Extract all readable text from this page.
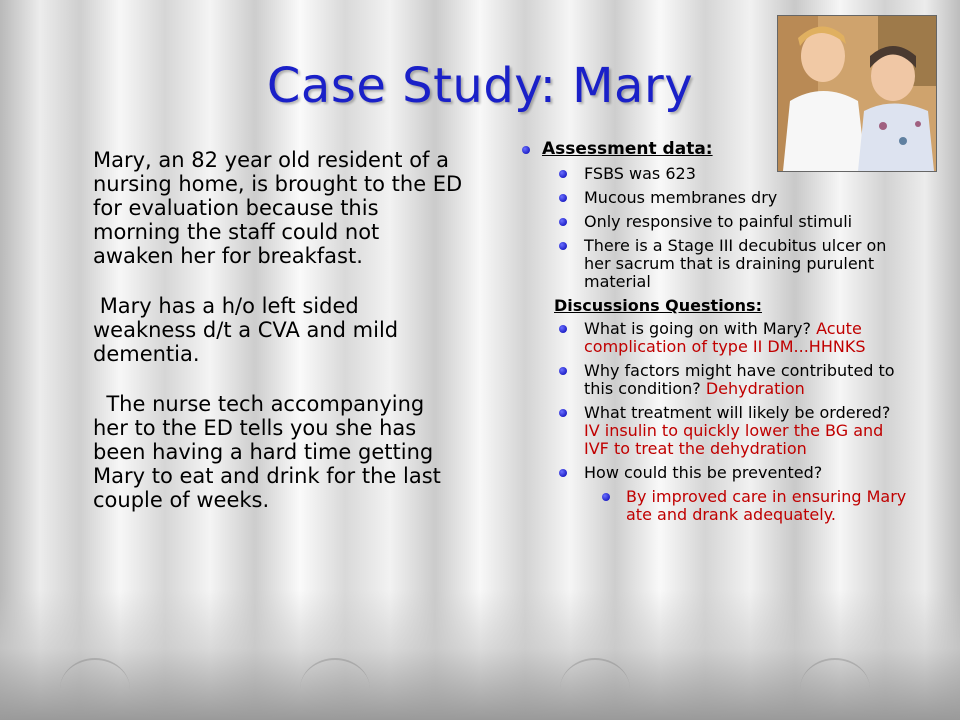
Case Study: Mary

Mary, an 82 year old resident of a nursing home, is brought to the ED for evaluation because this morning the staff could not awaken her for breakfast.

Mary has a h/o left sided weakness d/t a CVA and mild dementia.

The nurse tech accompanying her to the ED tells you she has been having a hard time getting Mary to eat and drink for the last couple of weeks.

Assessment data:
FSBS was 623
Mucous membranes dry
Only responsive to painful stimuli
There is a Stage III decubitus ulcer on her sacrum that is draining purulent material
Discussions Questions:
What is going on with Mary? Acute complication of type II DM...HHNKS
Why factors might have contributed to this condition? Dehydration
What treatment will likely be ordered? IV insulin to quickly lower the BG and IVF to treat the dehydration
How could this be prevented?
By improved care in ensuring Mary ate and drank adequately.
